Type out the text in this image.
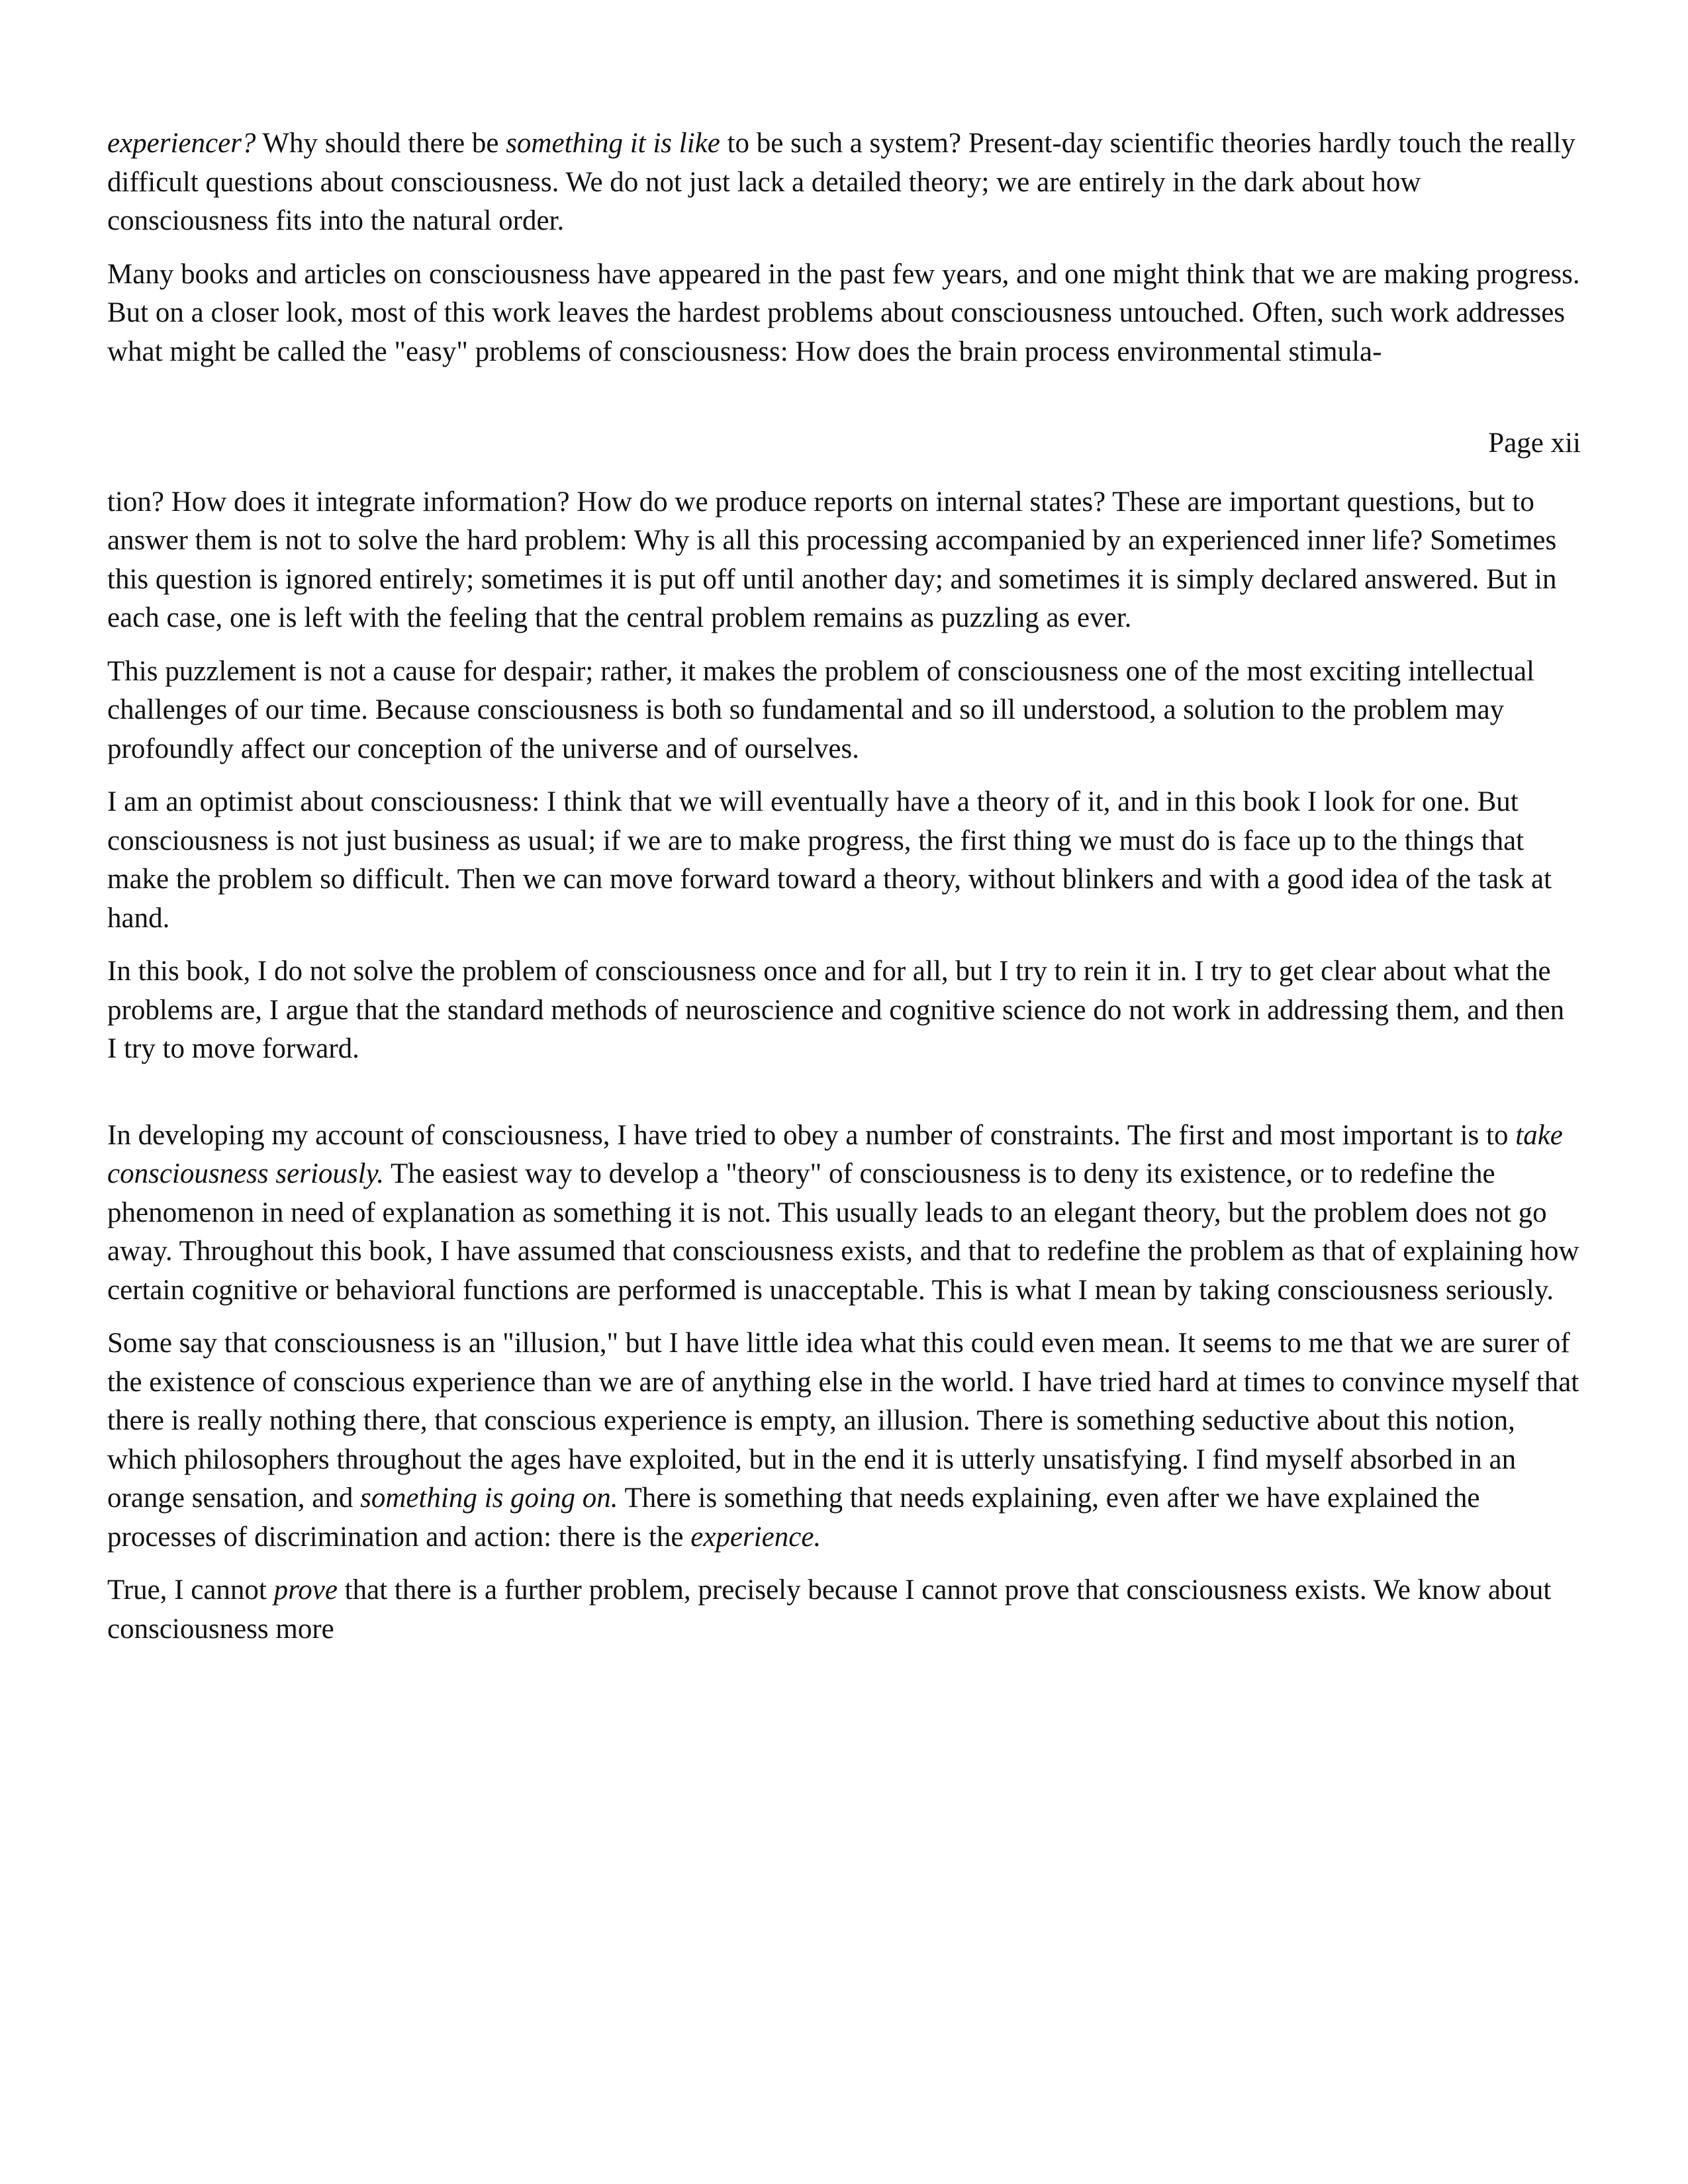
experiencer? Why should there be something it is like to be such a system? Present-day scientific theories hardly touch the really difficult questions about consciousness. We do not just lack a detailed theory; we are entirely in the dark about how consciousness fits into the natural order.

Many books and articles on consciousness have appeared in the past few years, and one might think that we are making progress. But on a closer look, most of this work leaves the hardest problems about consciousness untouched. Often, such work addresses what might be called the "easy" problems of consciousness: How does the brain process environmental stimula-

Page xii

tion? How does it integrate information? How do we produce reports on internal states? These are important questions, but to answer them is not to solve the hard problem: Why is all this processing accompanied by an experienced inner life? Sometimes this question is ignored entirely; sometimes it is put off until another day; and sometimes it is simply declared answered. But in each case, one is left with the feeling that the central problem remains as puzzling as ever.

This puzzlement is not a cause for despair; rather, it makes the problem of consciousness one of the most exciting intellectual challenges of our time. Because consciousness is both so fundamental and so ill understood, a solution to the problem may profoundly affect our conception of the universe and of ourselves.

I am an optimist about consciousness: I think that we will eventually have a theory of it, and in this book I look for one. But consciousness is not just business as usual; if we are to make progress, the first thing we must do is face up to the things that make the problem so difficult. Then we can move forward toward a theory, without blinkers and with a good idea of the task at hand.

In this book, I do not solve the problem of consciousness once and for all, but I try to rein it in. I try to get clear about what the problems are, I argue that the standard methods of neuroscience and cognitive science do not work in addressing them, and then I try to move forward.

In developing my account of consciousness, I have tried to obey a number of constraints. The first and most important is to take consciousness seriously. The easiest way to develop a "theory" of consciousness is to deny its existence, or to redefine the phenomenon in need of explanation as something it is not. This usually leads to an elegant theory, but the problem does not go away. Throughout this book, I have assumed that consciousness exists, and that to redefine the problem as that of explaining how certain cognitive or behavioral functions are performed is unacceptable. This is what I mean by taking consciousness seriously.

Some say that consciousness is an "illusion," but I have little idea what this could even mean. It seems to me that we are surer of the existence of conscious experience than we are of anything else in the world. I have tried hard at times to convince myself that there is really nothing there, that conscious experience is empty, an illusion. There is something seductive about this notion, which philosophers throughout the ages have exploited, but in the end it is utterly unsatisfying. I find myself absorbed in an orange sensation, and something is going on. There is something that needs explaining, even after we have explained the processes of discrimination and action: there is the experience.

True, I cannot prove that there is a further problem, precisely because I cannot prove that consciousness exists. We know about consciousness more
